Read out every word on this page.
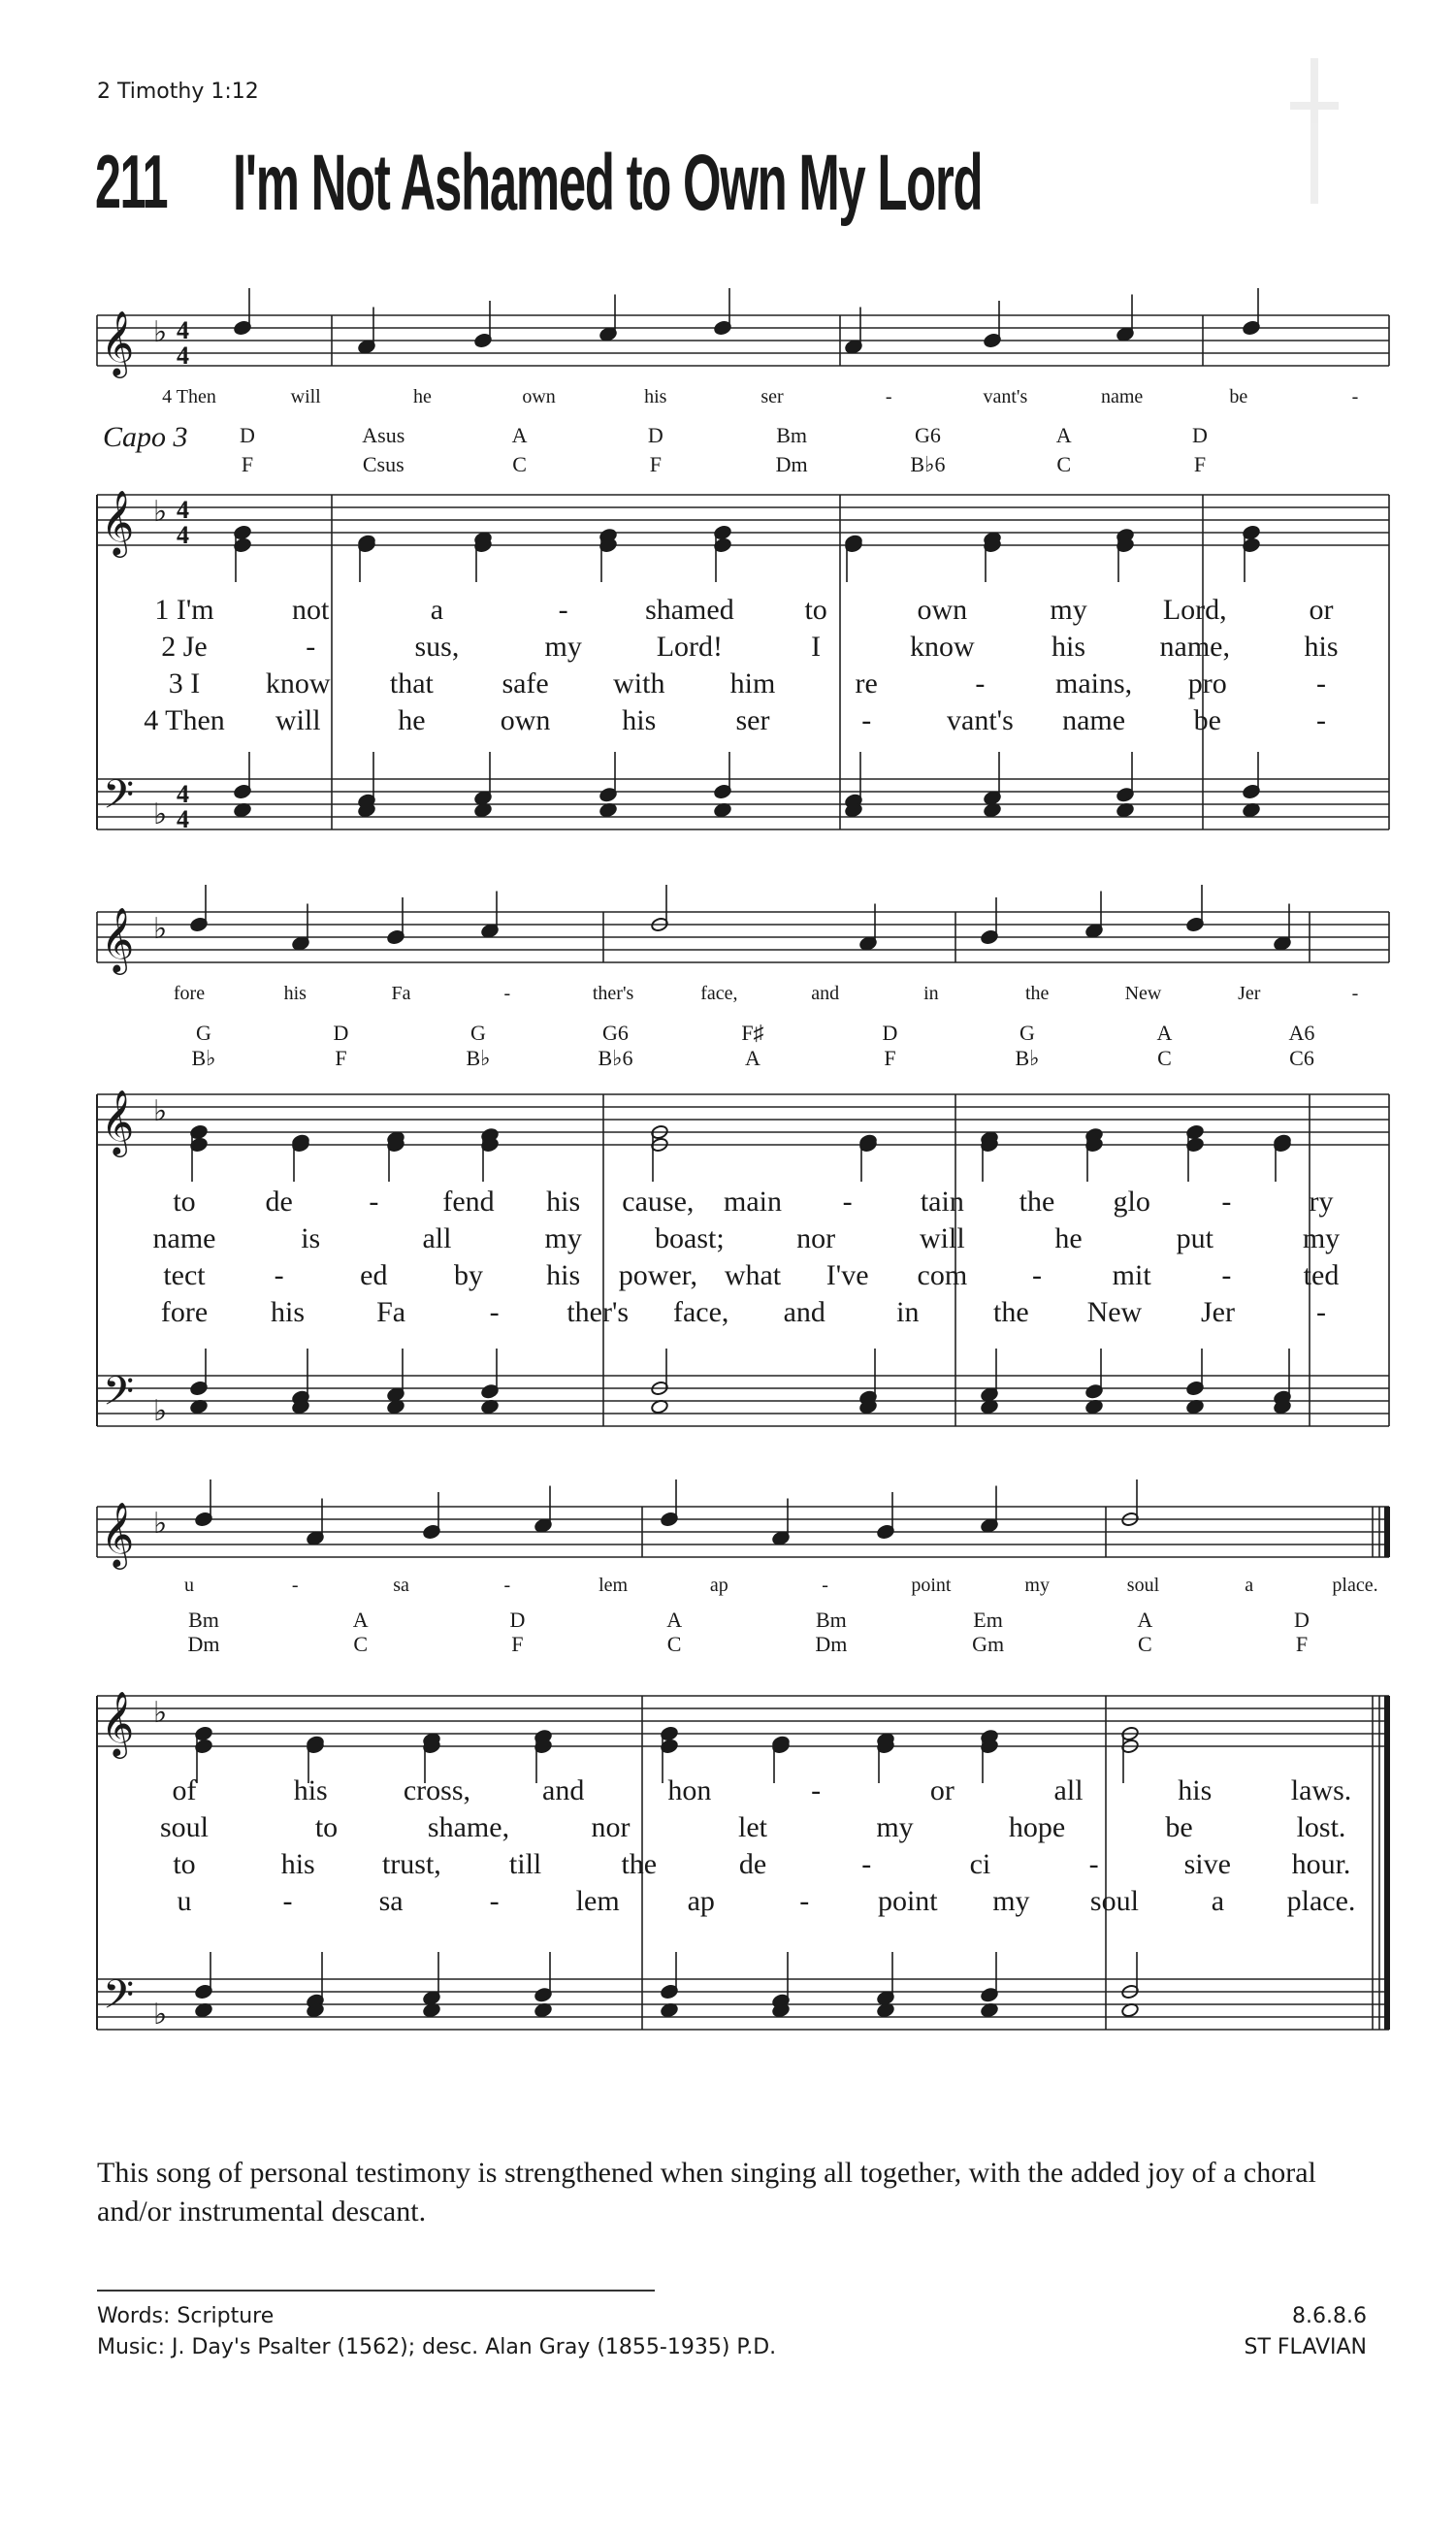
2 Timothy 1:12
211 I'm Not Ashamed to Own My Lord
𝄞
𝄞
𝄢
♭
♭
♭
4
4
4
4
4
4
4 Then	will	he	own	his	ser	-	vant's	name	be	-
Capo 3 D	Asus	A	D	Bm	G6	A	D
F	Csus	C	F	Dm	B♭6	C	F
1 I'm	not	a	-	shamed to	own	my	Lord,	or
2 Je	-	sus,	my	Lord!	I	know	his	name,	his
3 I know that safe with him	re	- mains, pro	-
4 Then will	he	own his	ser	-	vant's name be	-
𝄞
𝄞
𝄢
♭
♭
♭
fore	his	Fa	-	ther's	face,	and	in	the	New	Jer	-
G	D	G	G6	F♯	D	G	A	A6
B♭	F	B♭	B♭6	A	F	B♭	C	C6
to de	- fend his cause, main - tain the glo -	ry
name	is	all	my	boast; nor	will	he	put	my
tect -	ed by his power, what I've com - mit - ted
fore his Fa	- ther's face, and in	the New Jer	-
𝄞
𝄞
𝄢
♭
♭
♭
u	-	sa	-	lem	ap	-	point	my	soul	a	place.
Bm	A	D	A	Bm	Em	A	D
Dm	C	F	C	Dm	Gm	C	F
of	his	cross, and	hon	-	or	all	his	laws.
soul	to	shame,	nor	let	my	hope	be	lost.
to	his trust, till	the	de	-	ci	-	sive hour.
u	-	sa	-	lem ap	- point my soul a place.
This song of personal testimony is strengthened when singing all together, with the added joy of a choral and/or instrumental descant.
Words: Scripture
Music: J. Day's Psalter (1562); desc. Alan Gray (1855-1935) P.D.
8.6.8.6
ST FLAVIAN
